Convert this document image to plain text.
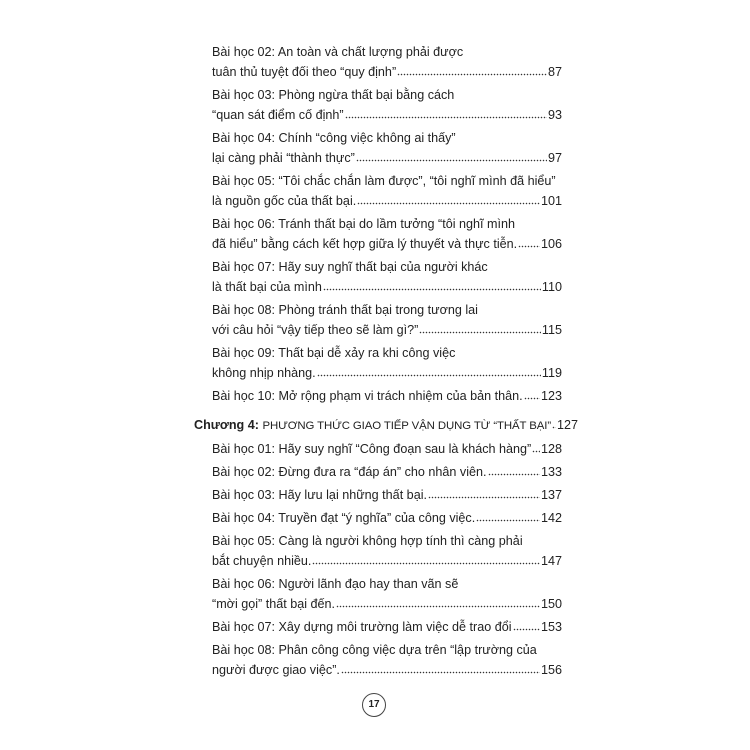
Bài học 02: An toàn và chất lượng phải được
tuân thủ tuyệt đối theo “quy định”	87
Bài học 03: Phòng ngừa thất bại bằng cách
“quan sát điểm cố định”	93
Bài học 04: Chính “công việc không ai thấy”
lại càng phải “thành thực”	97
Bài học 05: “Tôi chắc chắn làm được”, “tôi nghĩ mình đã hiểu”
là nguồn gốc của thất bại.	101
Bài học 06: Tránh thất bại do lầm tưởng “tôi nghĩ mình
đã hiểu” bằng cách kết hợp giữa lý thuyết và thực tiễn. 106
Bài học 07: Hãy suy nghĩ thất bại của người khác
là thất bại của mình	110
Bài học 08: Phòng tránh thất bại trong tương lai
với câu hỏi “vậy tiếp theo sẽ làm gì?”	115
Bài học 09: Thất bại dễ xảy ra khi công việc
không nhịp nhàng.	119
Bài học 10: Mở rộng phạm vi trách nhiệm của bản thân. 123
Chương 4:
PHƯƠNG THỨC GIAO TIẾP VẬN DỤNG TỪ “THẤT BẠI” 127
Bài học 01: Hãy suy nghĩ “Công đoạn sau là khách hàng” 128
Bài học 02: Đừng đưa ra “đáp án” cho nhân viên.	133
Bài học 03: Hãy lưu lại những thất bại.	137
Bài học 04: Truyền đạt “ý nghĩa” của công việc.	142
Bài học 05: Càng là người không hợp tính thì càng phải
bắt chuyện nhiều.	147
Bài học 06: Người lãnh đạo hay than vãn sẽ
“mời gọi” thất bại đến.	150
Bài học 07: Xây dựng môi trường làm việc dễ trao đổi 153
Bài học 08: Phân công công việc dựa trên “lập trường của
người được giao việc”.	156
17
